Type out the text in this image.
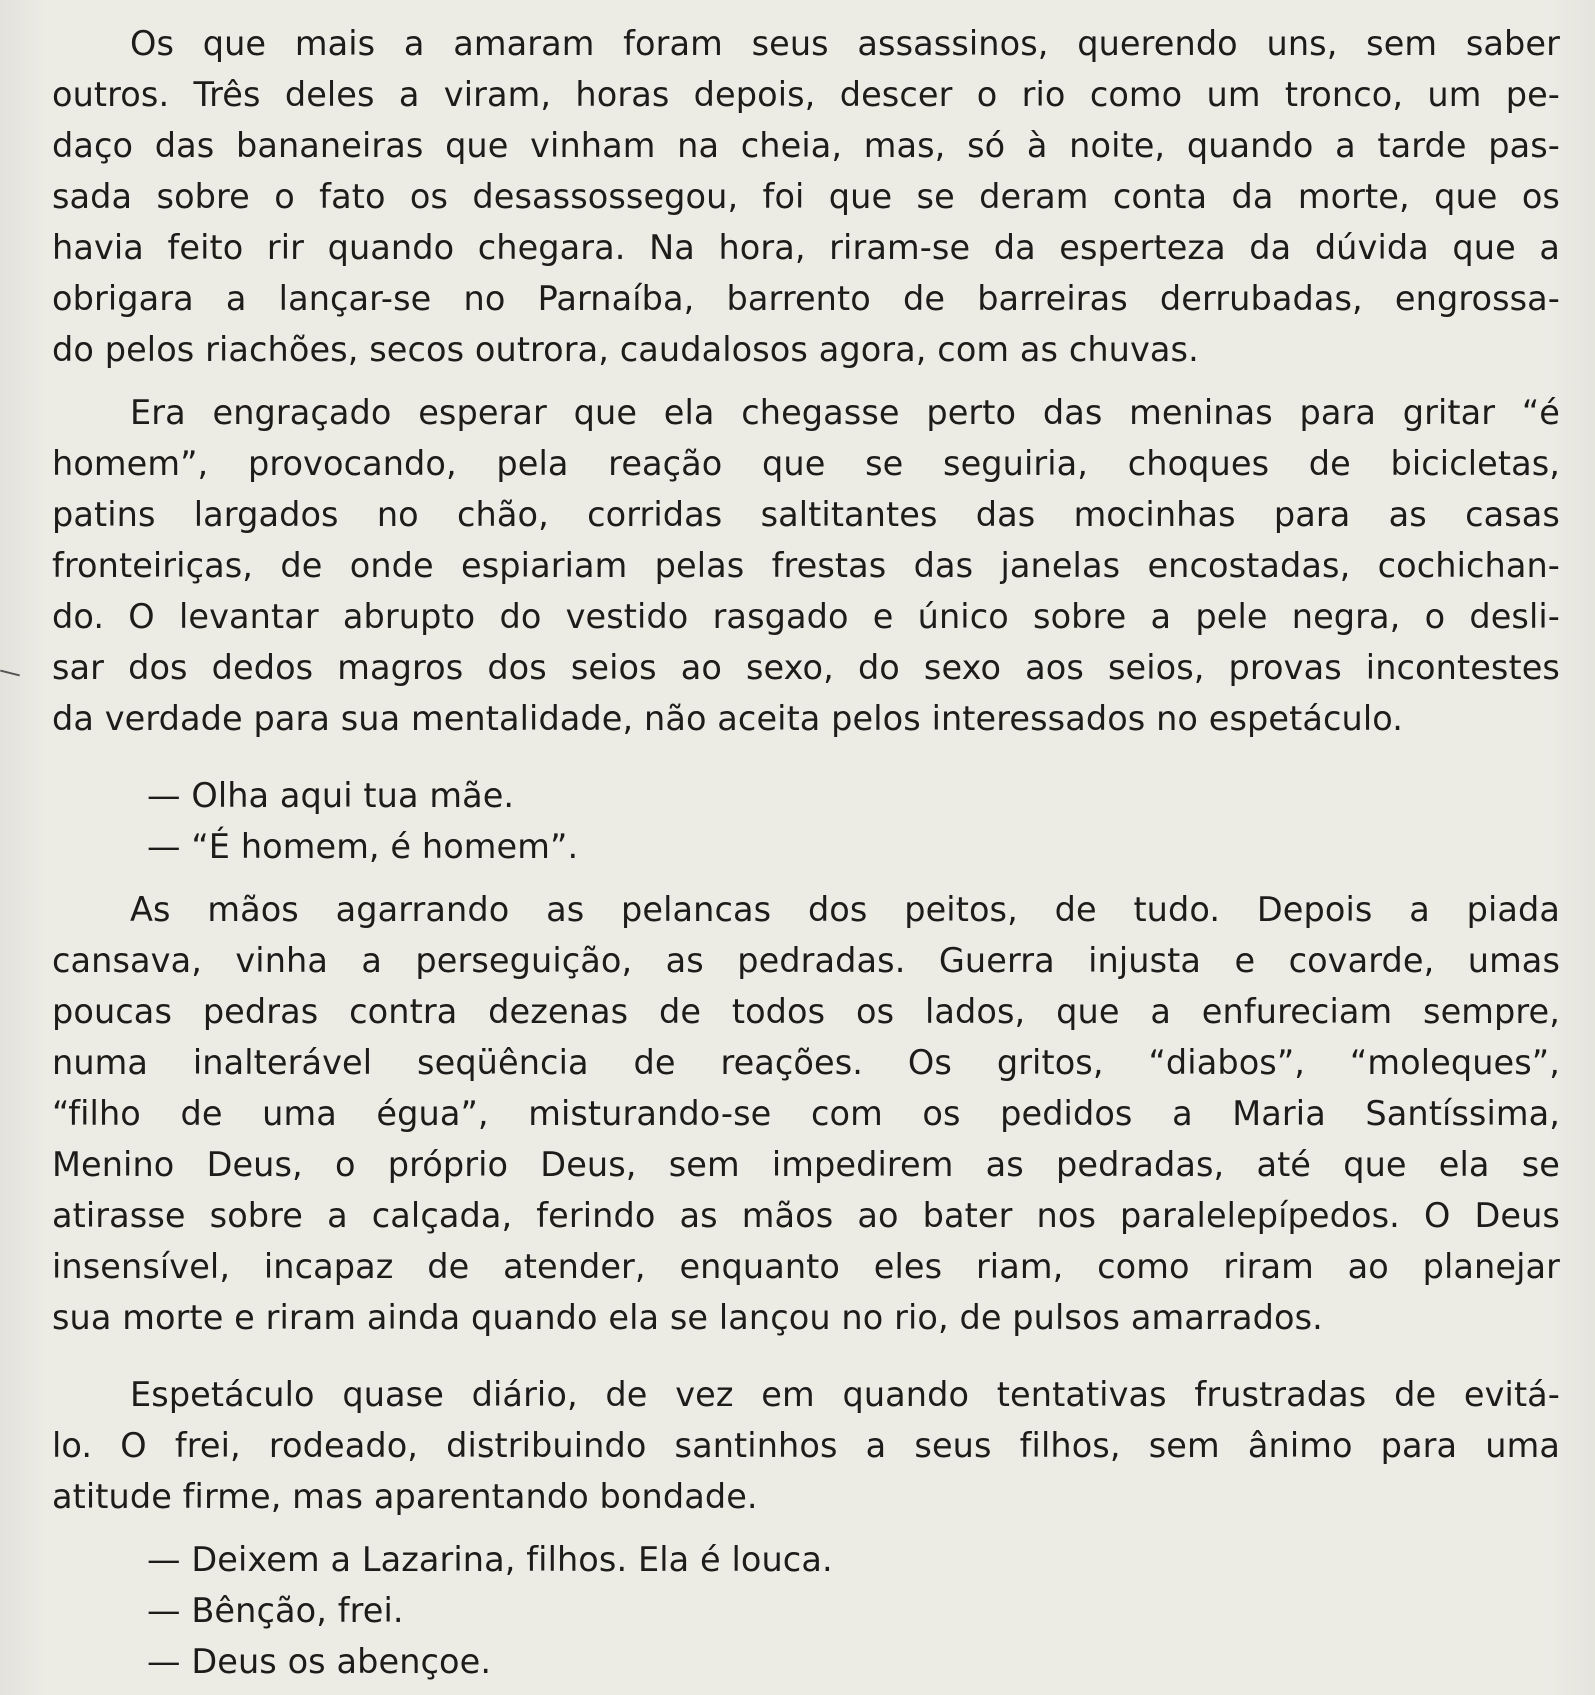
Os que mais a amaram foram seus assassinos, querendo uns, sem saber
outros. Três deles a viram, horas depois, descer o rio como um tronco, um pe-
daço das bananeiras que vinham na cheia, mas, só à noite, quando a tarde pas-
sada sobre o fato os desassossegou, foi que se deram conta da morte, que os
havia feito rir quando chegara. Na hora, riram-se da esperteza da dúvida que a
obrigara a lançar-se no Parnaíba, barrento de barreiras derrubadas, engrossa-
do pelos riachões, secos outrora, caudalosos agora, com as chuvas.
Era engraçado esperar que ela chegasse perto das meninas para gritar “é
homem”, provocando, pela reação que se seguiria, choques de bicicletas,
patins largados no chão, corridas saltitantes das mocinhas para as casas
fronteiriças, de onde espiariam pelas frestas das janelas encostadas, cochichan-
do. O levantar abrupto do vestido rasgado e único sobre a pele negra, o desli-
sar dos dedos magros dos seios ao sexo, do sexo aos seios, provas incontestes
da verdade para sua mentalidade, não aceita pelos interessados no espetáculo.
— Olha aqui tua mãe.
— “É homem, é homem”.
As mãos agarrando as pelancas dos peitos, de tudo. Depois a piada
cansava, vinha a perseguição, as pedradas. Guerra injusta e covarde, umas
poucas pedras contra dezenas de todos os lados, que a enfureciam sempre,
numa inalterável seqüência de reações. Os gritos, “diabos”, “moleques”,
“filho de uma égua”, misturando-se com os pedidos a Maria Santíssima,
Menino Deus, o próprio Deus, sem impedirem as pedradas, até que ela se
atirasse sobre a calçada, ferindo as mãos ao bater nos paralelepípedos. O Deus
insensível, incapaz de atender, enquanto eles riam, como riram ao planejar
sua morte e riram ainda quando ela se lançou no rio, de pulsos amarrados.
Espetáculo quase diário, de vez em quando tentativas frustradas de evitá-
lo. O frei, rodeado, distribuindo santinhos a seus filhos, sem ânimo para uma
atitude firme, mas aparentando bondade.
— Deixem a Lazarina, filhos. Ela é louca.
— Bênção, frei.
— Deus os abençoe.
